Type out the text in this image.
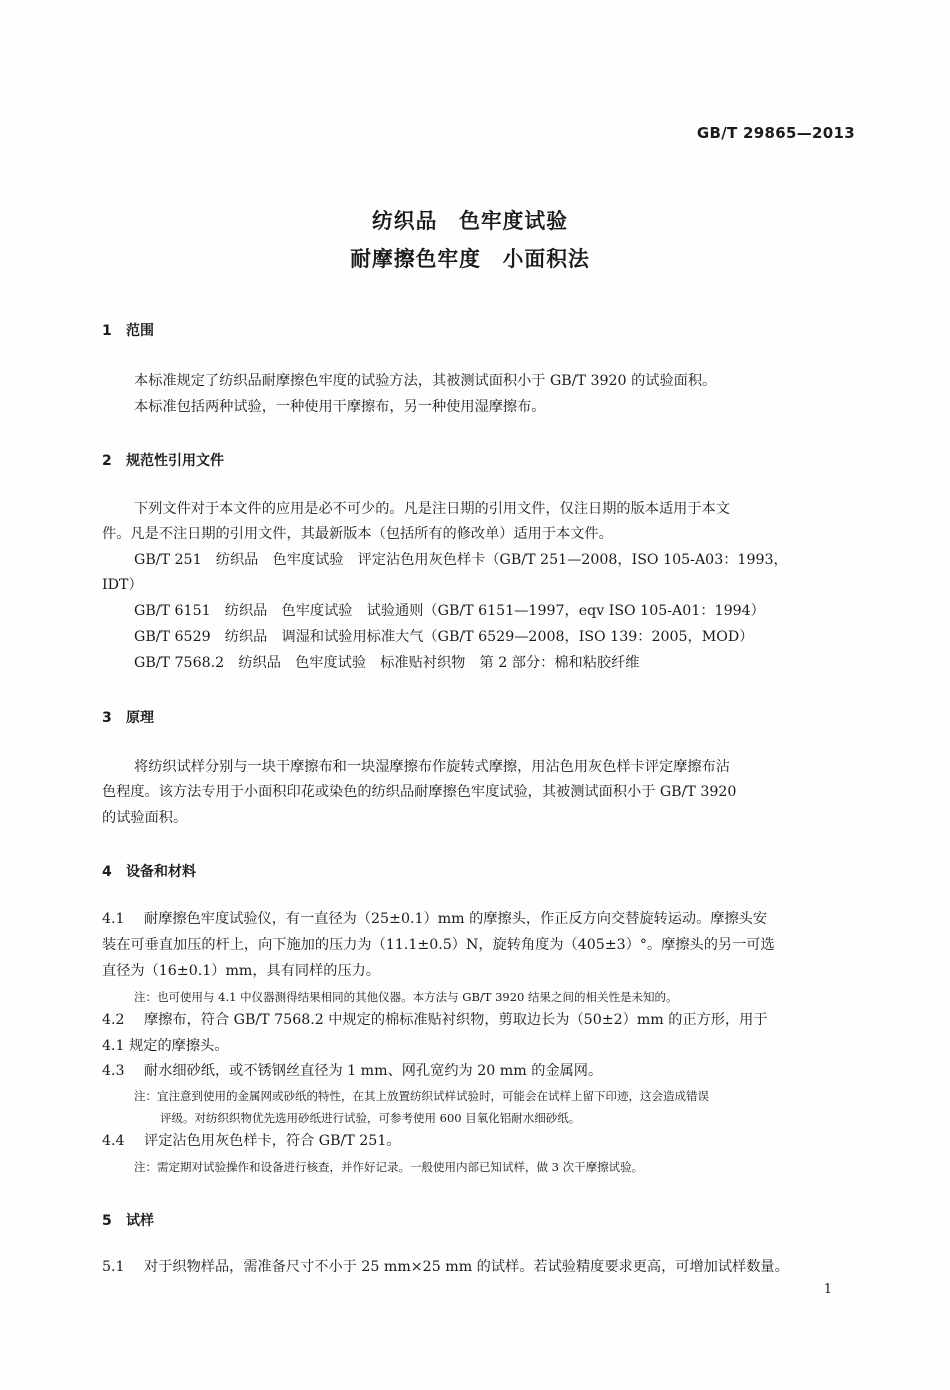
GB/T 29865—2013
纺织品　色牢度试验
耐摩擦色牢度　小面积法
1 范围
本标准规定了纺织品耐摩擦色牢度的试验方法，其被测试面积小于 GB/T 3920 的试验面积。
本标准包括两种试验，一种使用干摩擦布，另一种使用湿摩擦布。
2 规范性引用文件
下列文件对于本文件的应用是必不可少的。凡是注日期的引用文件，仅注日期的版本适用于本文
件。凡是不注日期的引用文件，其最新版本（包括所有的修改单）适用于本文件。
GB/T 251　纺织品　色牢度试验　评定沾色用灰色样卡（GB/T 251—2008，ISO 105-A03：1993，
IDT）
GB/T 6151　纺织品　色牢度试验　试验通则（GB/T 6151—1997，eqv ISO 105-A01：1994）
GB/T 6529　纺织品　调湿和试验用标准大气（GB/T 6529—2008，ISO 139：2005，MOD）
GB/T 7568.2　纺织品　色牢度试验　标准贴衬织物　第 2 部分：棉和粘胶纤维
3 原理
将纺织试样分别与一块干摩擦布和一块湿摩擦布作旋转式摩擦，用沾色用灰色样卡评定摩擦布沾
色程度。该方法专用于小面积印花或染色的纺织品耐摩擦色牢度试验，其被测试面积小于 GB/T 3920
的试验面积。
4 设备和材料
4.1 耐摩擦色牢度试验仪，有一直径为（25±0.1）mm 的摩擦头，作正反方向交替旋转运动。摩擦头安
装在可垂直加压的杆上，向下施加的压力为（11.1±0.5）N，旋转角度为（405±3）°。摩擦头的另一可选
直径为（16±0.1）mm，具有同样的压力。
注：也可使用与 4.1 中仪器测得结果相同的其他仪器。本方法与 GB/T 3920 结果之间的相关性是未知的。
4.2 摩擦布，符合 GB/T 7568.2 中规定的棉标准贴衬织物，剪取边长为（50±2）mm 的正方形，用于
4.1 规定的摩擦头。
4.3 耐水细砂纸，或不锈钢丝直径为 1 mm、网孔宽约为 20 mm 的金属网。
注：宜注意到使用的金属网或砂纸的特性，在其上放置纺织试样试验时，可能会在试样上留下印迹，这会造成错误
评级。对纺织织物优先选用砂纸进行试验，可参考使用 600 目氧化铝耐水细砂纸。
4.4 评定沾色用灰色样卡，符合 GB/T 251。
注：需定期对试验操作和设备进行核查，并作好记录。一般使用内部已知试样，做 3 次干摩擦试验。
5 试样
5.1 对于织物样品，需准备尺寸不小于 25 mm×25 mm 的试样。若试验精度要求更高，可增加试样数量。
1
